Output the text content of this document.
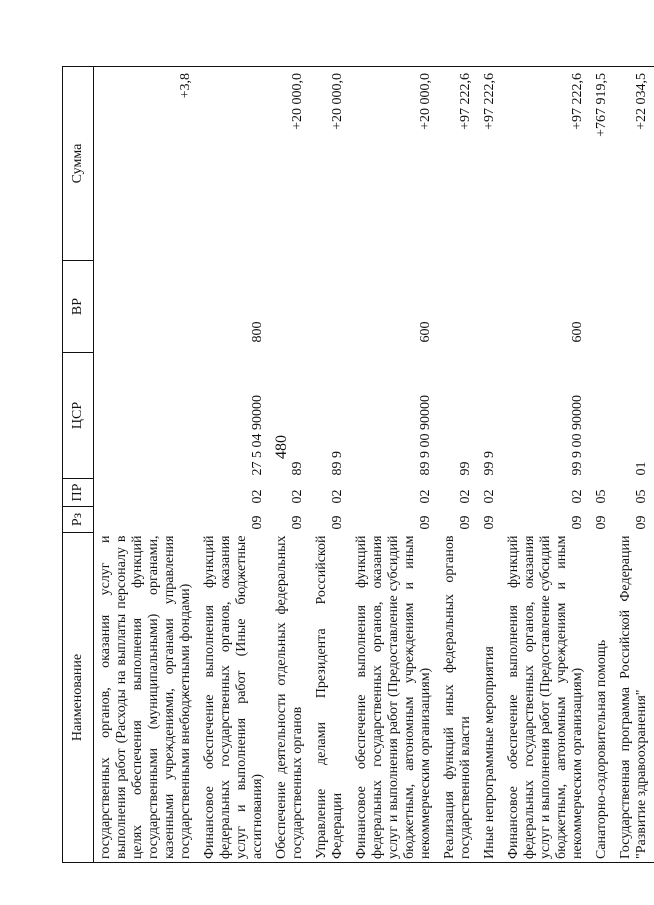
480
Наименование	Рз	ПР	ЦСР	ВР	Сумма
государственных органов, оказания услуг и выполнения работ (Расходы на выплаты персоналу в целях обеспечения выполнения функций государственными (муниципальными) органами, казенными учреждениями, органами управления государственными внебюджетными фондами)					+3,8
Финансовое обеспечение выполнения функций федеральных государственных органов, оказания услуг и выполнения работ (Иные бюджетные ассигнования)	09	02	27 5 04 90000	800	
Обеспечение деятельности отдельных федеральных государственных органов	09	02	89		+20 000,0
Управление делами Президента Российской Федерации	09	02	89 9		+20 000,0
Финансовое обеспечение выполнения функций федеральных государственных органов, оказания услуг и выполнения работ (Предоставление субсидий бюджетным, автономным учреждениям и иным некоммерческим организациям)	09	02	89 9 00 90000	600	+20 000,0
Реализация функций иных федеральных органов государственной власти	09	02	99		+97 222,6
Иные непрограммные мероприятия	09	02	99 9		+97 222,6
Финансовое обеспечение выполнения функций федеральных государственных органов, оказания услуг и выполнения работ (Предоставление субсидий бюджетным, автономным учреждениям и иным некоммерческим организациям)	09	02	99 9 00 90000	600	+97 222,6
Санаторно-оздоровительная помощь	09	05			+767 919,5
Государственная программа Российской Федерации "Развитие здравоохранения"	09	05	01		+22 034,5
